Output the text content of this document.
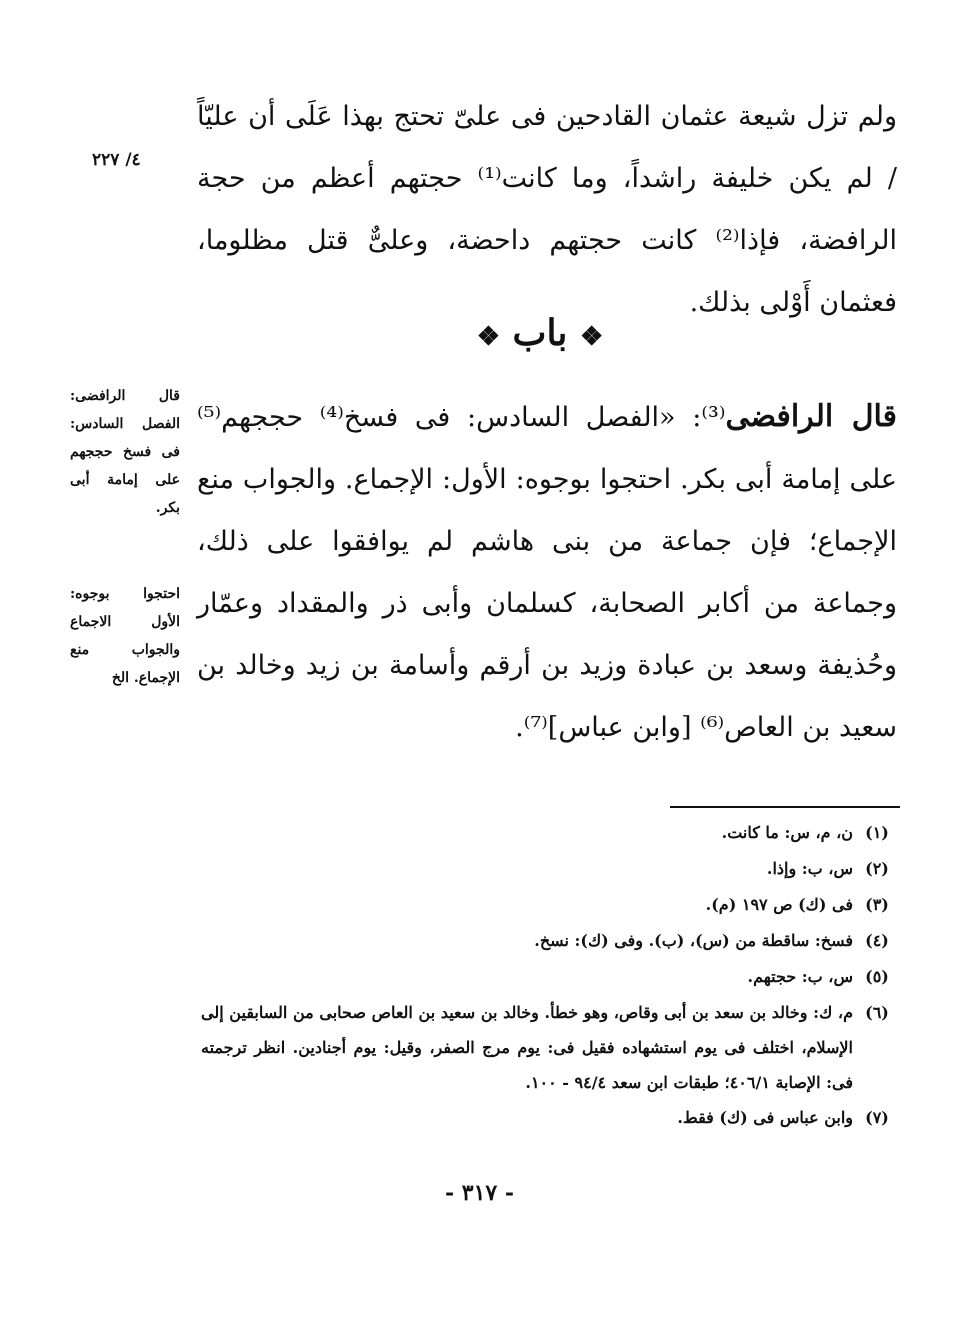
ولم تزل شيعة عثمان القادحين فى علىّ تحتج بهذا عَلَى أن عليّاً / لم يكن خليفة راشداً، وما كانت⁽¹⁾ حجتهم أعظم من حجة الرافضة، فإذا⁽²⁾ كانت حجتهم داحضة، وعلىٌّ قتل مظلوما، فعثمان أَوْلى بذلك.

٤/ ٢٢٧
❖ باب ❖

قال الرافضى⁽³⁾: «الفصل السادس: فى فسخ⁽⁴⁾ حججهم⁽⁵⁾ على إمامة أبى بكر. احتجوا بوجوه: الأول: الإجماع. والجواب منع الإجماع؛ فإن جماعة من بنى هاشم لم يوافقوا على ذلك، وجماعة من أكابر الصحابة، كسلمان وأبى ذر والمقداد وعمّار وحُذيفة وسعد بن عبادة وزيد بن أرقم وأسامة بن زيد وخالد بن سعيد بن العاص⁽⁶⁾ [وابن عباس]⁽⁷⁾.

قال الرافضى: الفصل السادس: فى فسخ حججهم على إمامة أبى بكر.
احتجوا بوجوه: الأول الاجماع والجواب منع الإجماع. الخ
(١)
ن، م، س: ما كانت.
(٢)
س، ب: وإذا.
(٣)
فى (ك) ص ١٩٧ (م).
(٤)
فسخ: ساقطة من (س)، (ب). وفى (ك): نسخ.
(٥)
س، ب: حجتهم.
(٦)
م، ك: وخالد بن سعد بن أبى وقاص، وهو خطأ. وخالد بن سعيد بن العاص صحابى من السابقين إلى الإسلام، اختلف فى يوم استشهاده فقيل فى: يوم مرج الصفر، وقيل: يوم أجنادين. انظر ترجمته فى: الإصابة ٤٠٦/١؛ طبقات ابن سعد ٩٤/٤ - ١٠٠.
(٧)
وابن عباس فى (ك) فقط.
- ٣١٧ -
